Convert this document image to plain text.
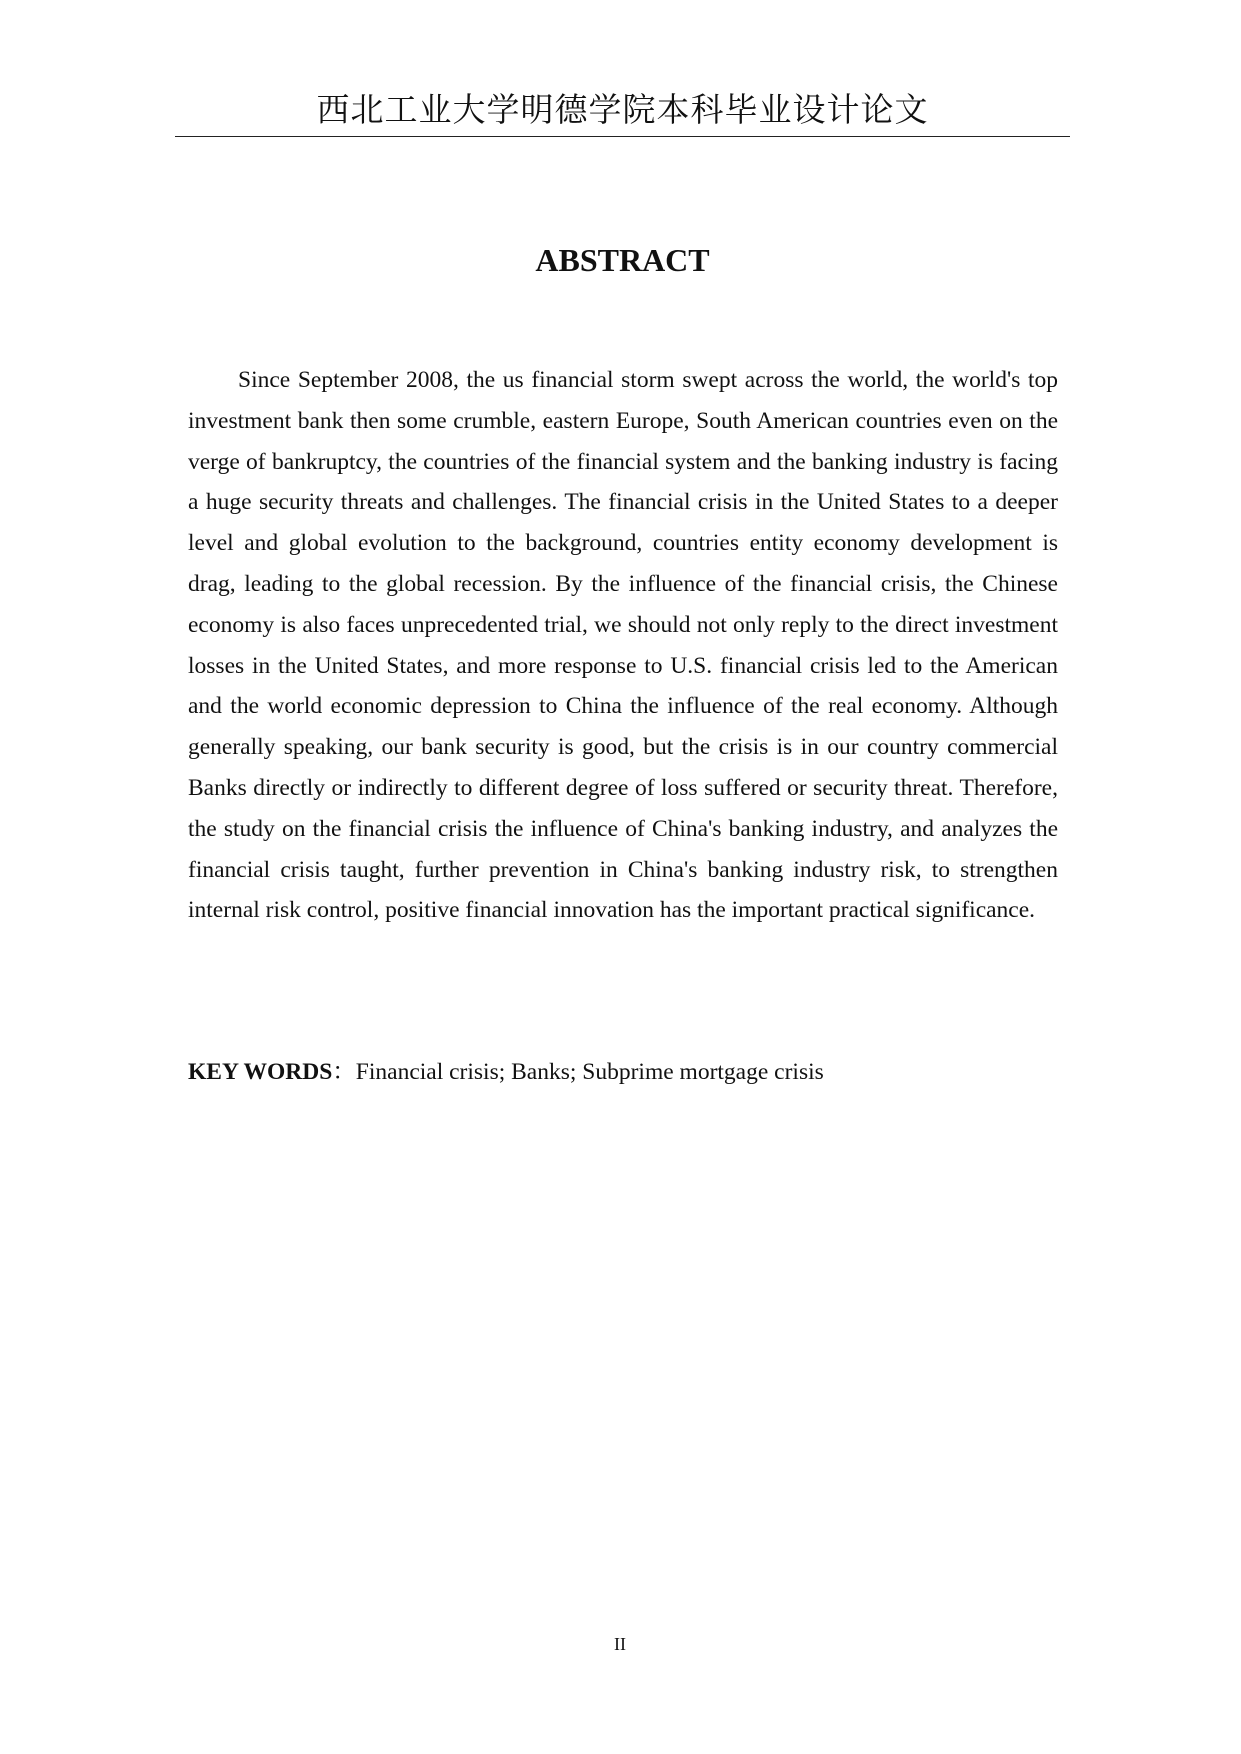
西北工业大学明德学院本科毕业设计论文
ABSTRACT

Since September 2008, the us financial storm swept across the world, the world's top investment bank then some crumble, eastern Europe, South American countries even on the verge of bankruptcy, the countries of the financial system and the banking industry is facing a huge security threats and challenges. The financial crisis in the United States to a deeper level and global evolution to the background, countries entity economy development is drag, leading to the global recession. By the influence of the financial crisis, the Chinese economy is also faces unprecedented trial, we should not only reply to the direct investment losses in the United States, and more response to U.S. financial crisis led to the American and the world economic depression to China the influence of the real economy. Although generally speaking, our bank security is good, but the crisis is in our country commercial Banks directly or indirectly to different degree of loss suffered or security threat. Therefore, the study on the financial crisis the influence of China's banking industry, and analyzes the financial crisis taught, further prevention in China's banking industry risk, to strengthen internal risk control, positive financial innovation has the important practical significance.

KEY WORDS：Financial crisis; Banks; Subprime mortgage crisis
II
